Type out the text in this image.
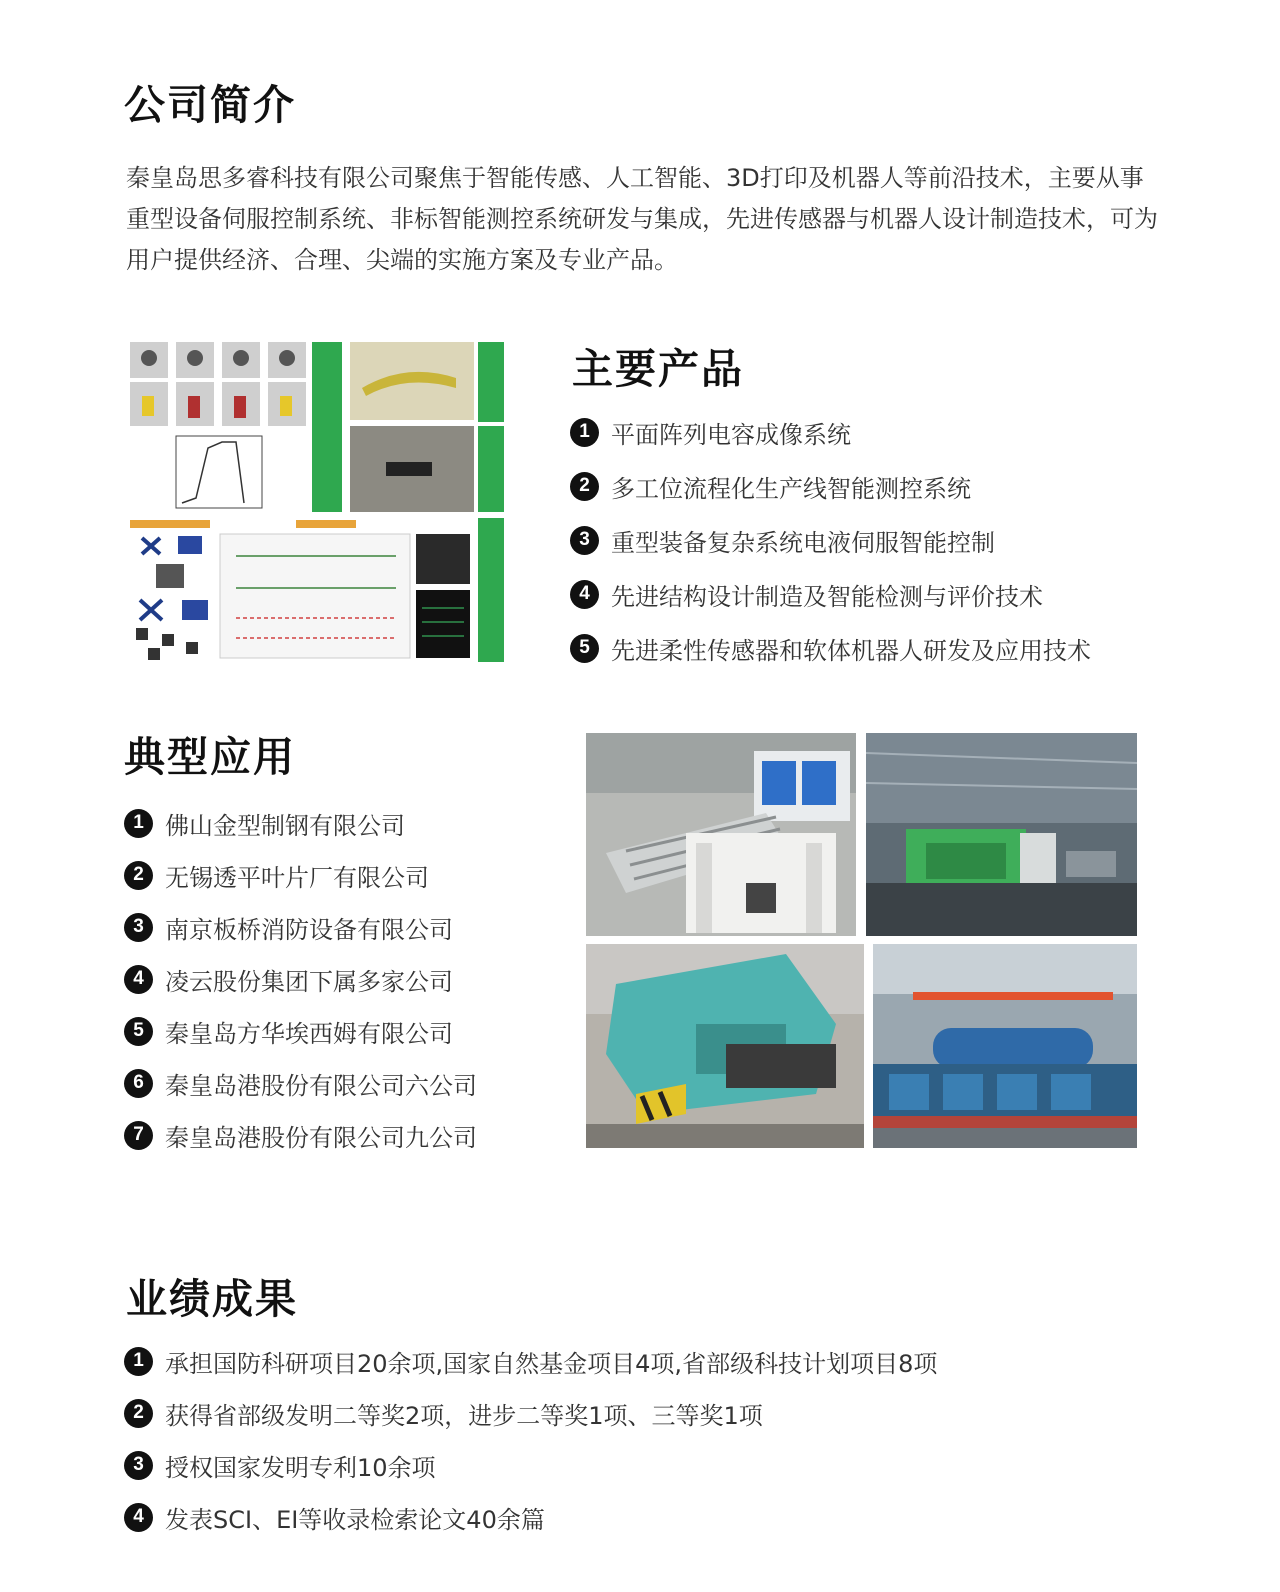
公司简介

秦皇岛思多睿科技有限公司聚焦于智能传感、人工智能、3D打印及机器人等前沿技术，主要从事重型设备伺服控制系统、非标智能测控系统研发与集成，先进传感器与机器人设计制造技术，可为用户提供经济、合理、尖端的实施方案及专业产品。

主要产品
1 平面阵列电容成像系统
2 多工位流程化生产线智能测控系统
3 重型装备复杂系统电液伺服智能控制
4 先进结构设计制造及智能检测与评价技术
5 先进柔性传感器和软体机器人研发及应用技术
典型应用
1 佛山金型制钢有限公司
2 无锡透平叶片厂有限公司
3 南京板桥消防设备有限公司
4 凌云股份集团下属多家公司
5 秦皇岛方华埃西姆有限公司
6 秦皇岛港股份有限公司六公司
7 秦皇岛港股份有限公司九公司
业绩成果
1 承担国防科研项目20余项,国家自然基金项目4项,省部级科技计划项目8项
2 获得省部级发明二等奖2项，进步二等奖1项、三等奖1项
3 授权国家发明专利10余项
4 发表SCI、EI等收录检索论文40余篇
